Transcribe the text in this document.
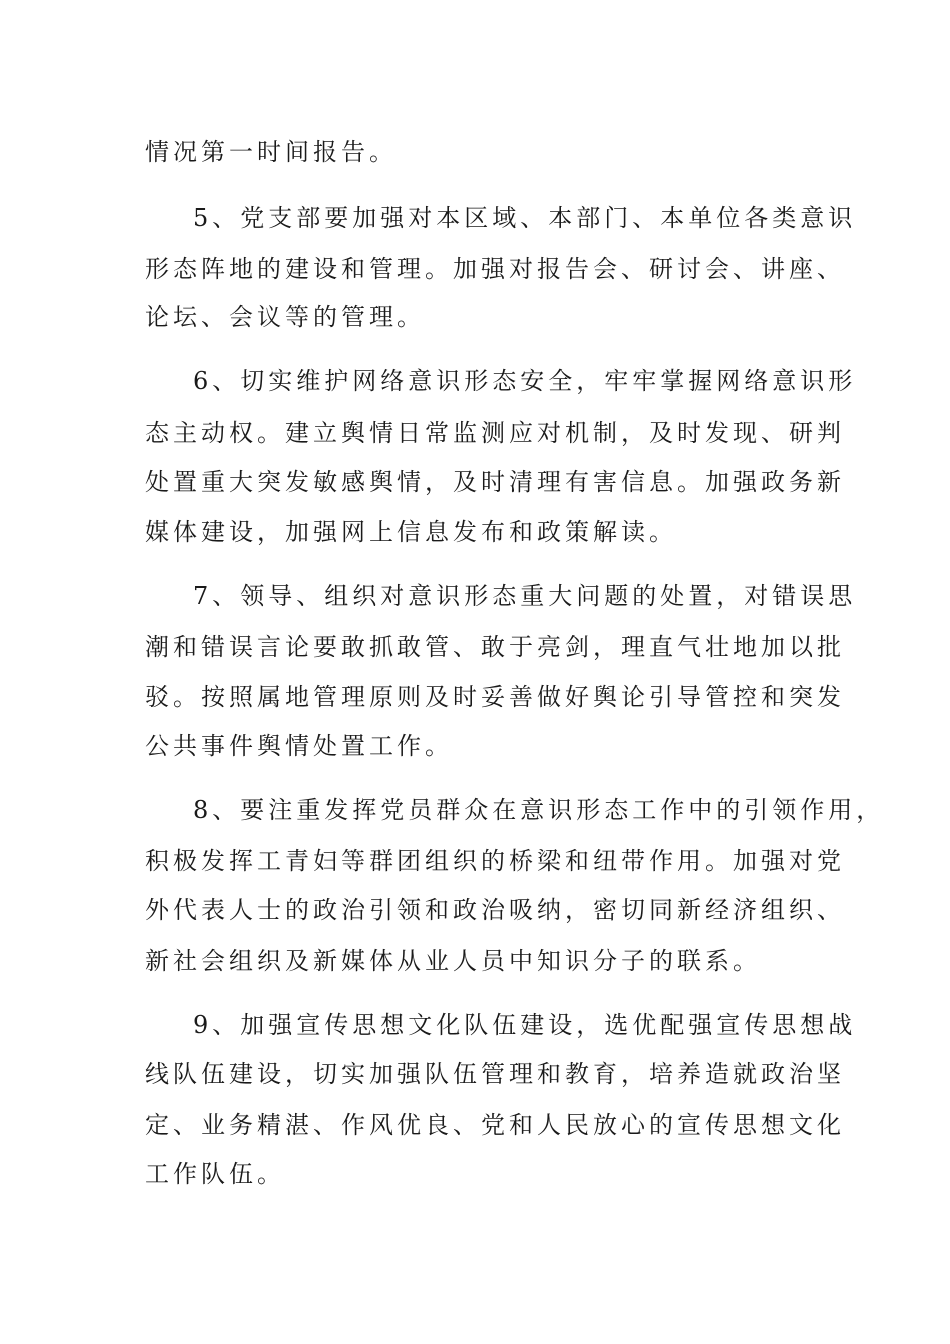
情况第一时间报告。
5、党支部要加强对本区域、本部门、本单位各类意识
形态阵地的建设和管理。加强对报告会、研讨会、讲座、
论坛、会议等的管理。
6、切实维护网络意识形态安全，牢牢掌握网络意识形
态主动权。建立舆情日常监测应对机制，及时发现、研判
处置重大突发敏感舆情，及时清理有害信息。加强政务新
媒体建设，加强网上信息发布和政策解读。
7、领导、组织对意识形态重大问题的处置，对错误思
潮和错误言论要敢抓敢管、敢于亮剑，理直气壮地加以批
驳。按照属地管理原则及时妥善做好舆论引导管控和突发
公共事件舆情处置工作。
8、要注重发挥党员群众在意识形态工作中的引领作用，
积极发挥工青妇等群团组织的桥梁和纽带作用。加强对党
外代表人士的政治引领和政治吸纳，密切同新经济组织、
新社会组织及新媒体从业人员中知识分子的联系。
9、加强宣传思想文化队伍建设，选优配强宣传思想战
线队伍建设，切实加强队伍管理和教育，培养造就政治坚
定、业务精湛、作风优良、党和人民放心的宣传思想文化
工作队伍。
